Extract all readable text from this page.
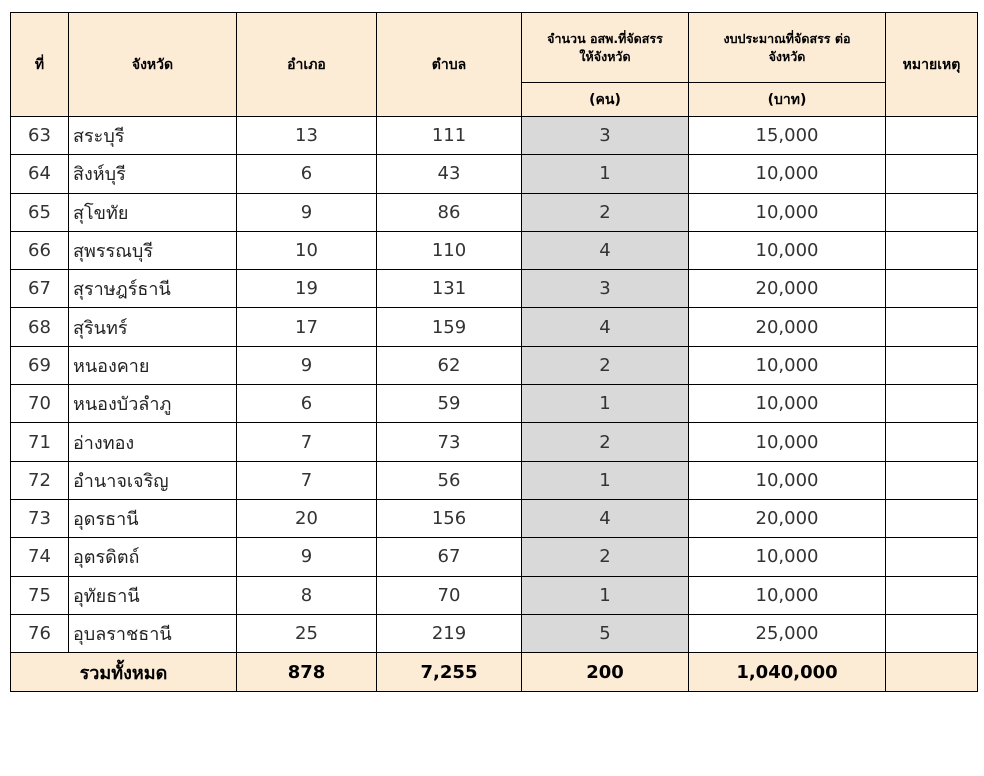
ที่	จังหวัด	อำเภอ	ตำบล	จำนวน อสพ.ที่จัดสรร ให้จังหวัด	งบประมาณที่จัดสรร ต่อจังหวัด	หมายเหตุ
				(คน)	(บาท)	
63	สระบุรี	13	111	3	15,000	
64	สิงห์บุรี	6	43	1	10,000	
65	สุโขทัย	9	86	2	10,000	
66	สุพรรณบุรี	10	110	4	10,000	
67	สุราษฎร์ธานี	19	131	3	20,000	
68	สุรินทร์	17	159	4	20,000	
69	หนองคาย	9	62	2	10,000	
70	หนองบัวลำภู	6	59	1	10,000	
71	อ่างทอง	7	73	2	10,000	
72	อำนาจเจริญ	7	56	1	10,000	
73	อุดรธานี	20	156	4	20,000	
74	อุตรดิตถ์	9	67	2	10,000	
75	อุทัยธานี	8	70	1	10,000	
76	อุบลราชธานี	25	219	5	25,000	
รวมทั้งหมด		878	7,255	200	1,040,000	
